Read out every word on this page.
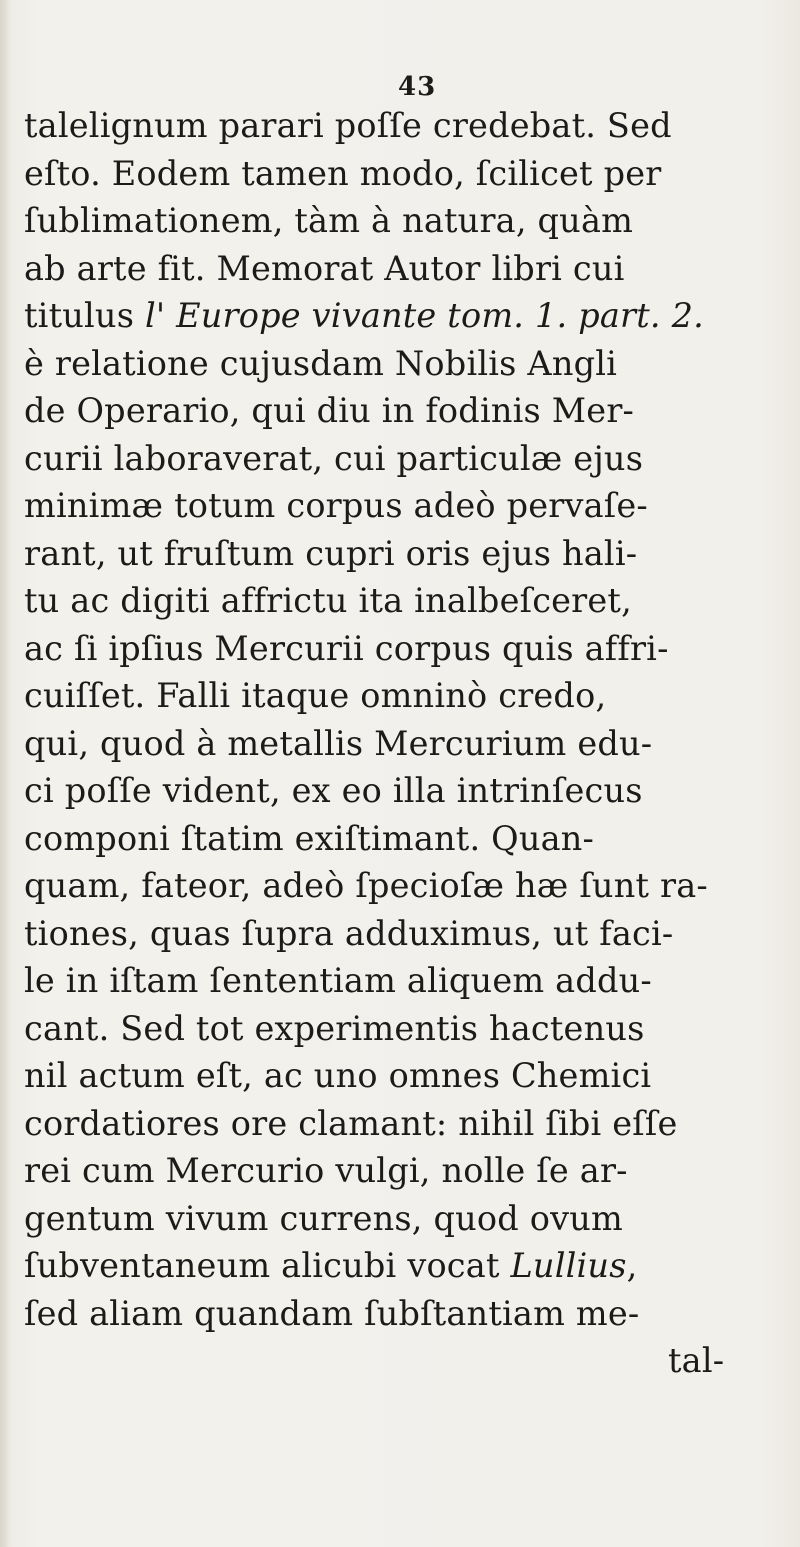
43
talelignum parari poſſe credebat. Sed
eſto. Eodem tamen modo, ſcilicet per
ſublimationem, tàm à natura, quàm
ab arte fit. Memorat Autor libri cui
titulus l' Europe vivante tom. 1. part. 2.
è relatione cujusdam Nobilis Angli
de Operario, qui diu in fodinis Mer-
curii laboraverat, cui particulæ ejus
minimæ totum corpus adeò pervaſe-
rant, ut fruſtum cupri oris ejus hali-
tu ac digiti affrictu ita inalbeſceret,
ac ſi ipſius Mercurii corpus quis affri-
cuiſſet. Falli itaque omninò credo,
qui, quod à metallis Mercurium edu-
ci poſſe vident, ex eo illa intrinſecus
componi ſtatim exiſtimant. Quan-
quam, fateor, adeò ſpecioſæ hæ ſunt ra-
tiones, quas ſupra adduximus, ut faci-
le in iſtam ſententiam aliquem addu-
cant. Sed tot experimentis hactenus
nil actum eſt, ac uno omnes Chemici
cordatiores ore clamant: nihil ſibi eſſe
rei cum Mercurio vulgi, nolle ſe ar-
gentum vivum currens, quod ovum
ſubventaneum alicubi vocat Lullius,
ſed aliam quandam ſubſtantiam me-
tal-
